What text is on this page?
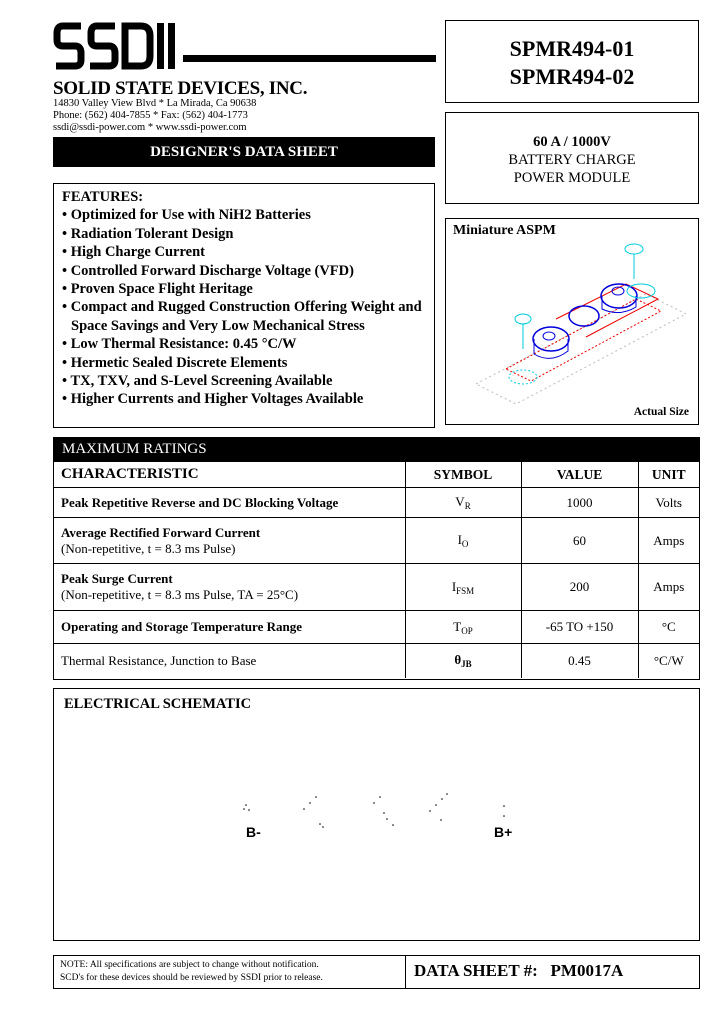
SOLID STATE DEVICES, INC.
14830 Valley View Blvd * La Mirada, Ca 90638
Phone: (562) 404-7855 * Fax: (562) 404-1773
ssdi@ssdi-power.com * www.ssdi-power.com
DESIGNER'S DATA SHEET
SPMR494-01
SPMR494-02
60 A / 1000V
BATTERY CHARGE
POWER MODULE
FEATURES:
• Optimized for Use with NiH2 Batteries
• Radiation Tolerant Design
• High Charge Current
• Controlled Forward Discharge Voltage (VFD)
• Proven Space Flight Heritage
• Compact and Rugged Construction Offering Weight and Space Savings and Very Low Mechanical Stress
• Low Thermal Resistance: 0.45 °C/W
• Hermetic Sealed Discrete Elements
• TX, TXV, and S-Level Screening Available
• Higher Currents and Higher Voltages Available
Miniature ASPM
Actual Size
MAXIMUM RATINGS
CHARACTERISTIC	SYMBOL	VALUE	UNIT
Peak Repetitive Reverse and DC Blocking Voltage	$V_R$	1000	Volts
Average Rectified Forward Current
(Non-repetitive, t = 8.3 ms Pulse)	$I_O$	60	Amps
Peak Surge Current
(Non-repetitive, t = 8.3 ms Pulse, TA = 25°C)	$I_{FSM}$	200	Amps
Operating and Storage Temperature Range	$T_{OP}$	-65 TO +150	°C
Thermal Resistance, Junction to Base	$\theta_{JB}$	0.45	°C/W
ELECTRICAL SCHEMATIC
B-	B+
NOTE: All specifications are subject to change without notification.
SCD's for these devices should be reviewed by SSDI prior to release.	DATA SHEET #: PM0017A
